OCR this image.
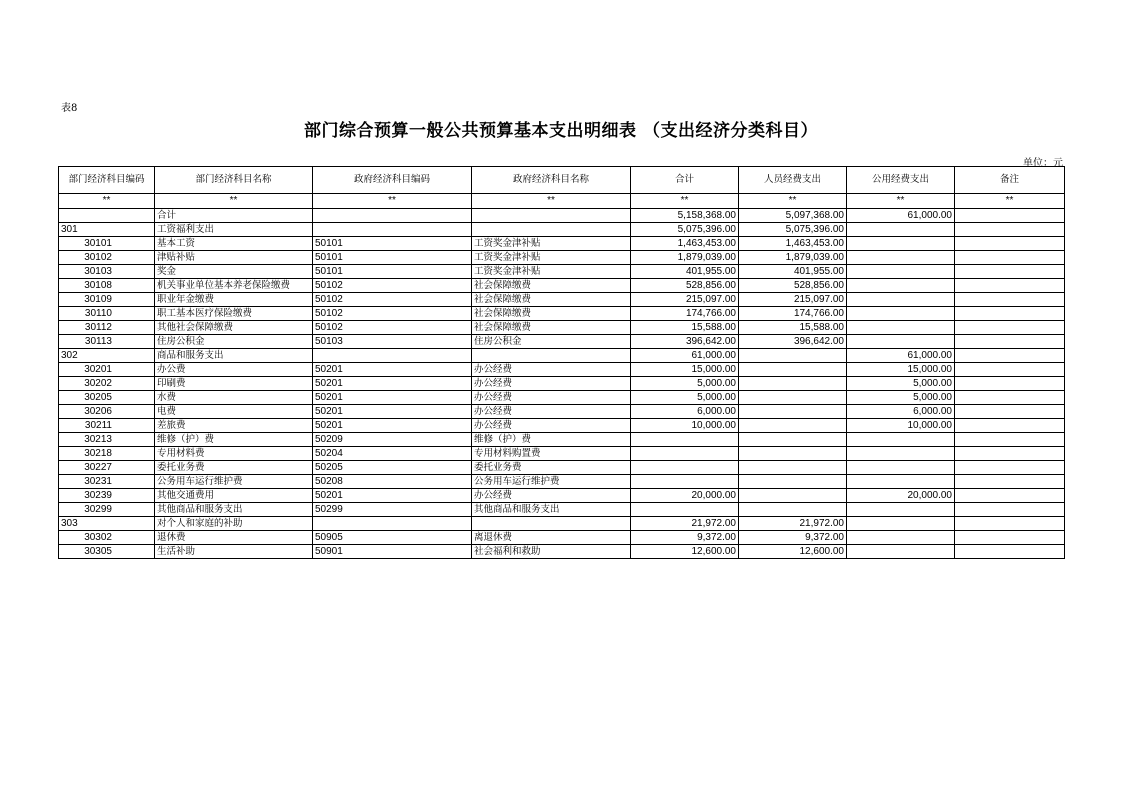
表8
部门综合预算一般公共预算基本支出明细表 （支出经济分类科目）
单位：元
部门经济科目编码	部门经济科目名称	政府经济科目编码	政府经济科目名称	合计	人员经费支出	公用经费支出	备注
**	**	**	**	**	**	**	**
	合计			5,158,368.00	5,097,368.00	61,000.00	
301	工资福利支出			5,075,396.00	5,075,396.00		
30101	基本工资	50101	工资奖金津补贴	1,463,453.00	1,463,453.00		
30102	津贴补贴	50101	工资奖金津补贴	1,879,039.00	1,879,039.00		
30103	奖金	50101	工资奖金津补贴	401,955.00	401,955.00		
30108	机关事业单位基本养老保险缴费	50102	社会保障缴费	528,856.00	528,856.00		
30109	职业年金缴费	50102	社会保障缴费	215,097.00	215,097.00		
30110	职工基本医疗保险缴费	50102	社会保障缴费	174,766.00	174,766.00		
30112	其他社会保障缴费	50102	社会保障缴费	15,588.00	15,588.00		
30113	住房公积金	50103	住房公积金	396,642.00	396,642.00		
302	商品和服务支出			61,000.00		61,000.00	
30201	办公费	50201	办公经费	15,000.00		15,000.00	
30202	印刷费	50201	办公经费	5,000.00		5,000.00	
30205	水费	50201	办公经费	5,000.00		5,000.00	
30206	电费	50201	办公经费	6,000.00		6,000.00	
30211	差旅费	50201	办公经费	10,000.00		10,000.00	
30213	维修（护）费	50209	维修（护）费				
30218	专用材料费	50204	专用材料购置费				
30227	委托业务费	50205	委托业务费				
30231	公务用车运行维护费	50208	公务用车运行维护费				
30239	其他交通费用	50201	办公经费	20,000.00		20,000.00	
30299	其他商品和服务支出	50299	其他商品和服务支出				
303	对个人和家庭的补助			21,972.00	21,972.00		
30302	退休费	50905	离退休费	9,372.00	9,372.00		
30305	生活补助	50901	社会福利和救助	12,600.00	12,600.00		
